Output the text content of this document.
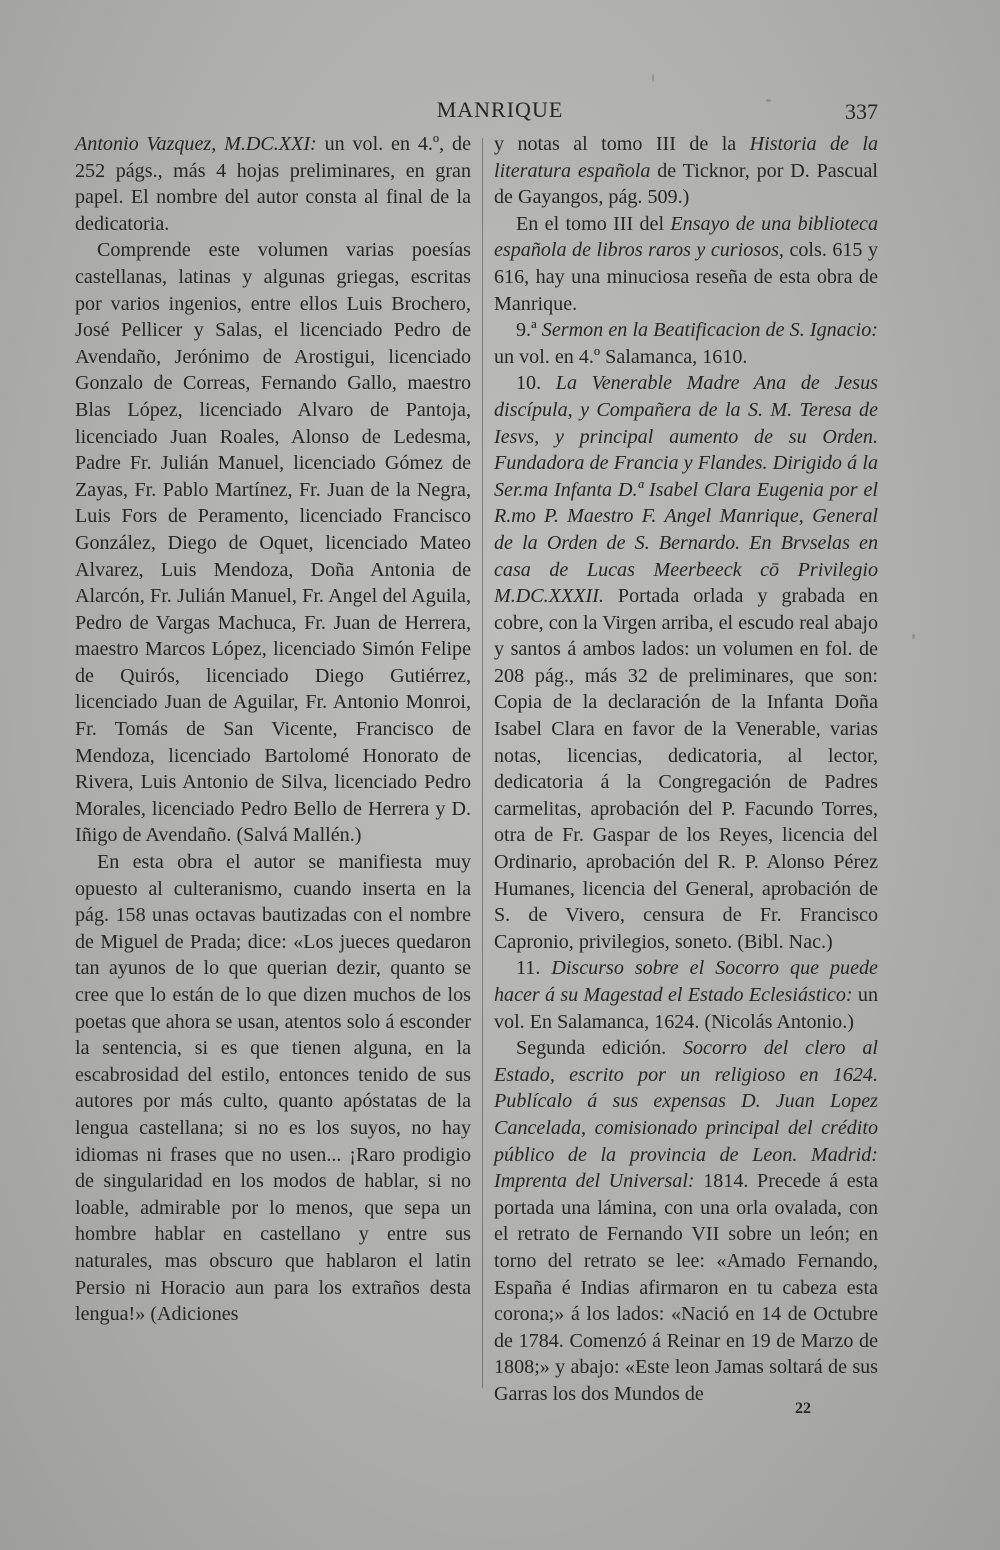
MANRIQUE	337

Antonio Vazquez, M.DC.XXI: un vol. en 4.º, de 252 págs., más 4 hojas preliminares, en gran papel. El nombre del autor consta al final de la dedicatoria.

Comprende este volumen varias poesías castellanas, latinas y algunas griegas, escritas por varios ingenios, entre ellos Luis Brochero, José Pellicer y Salas, el licenciado Pedro de Avendaño, Jerónimo de Arostigui, licenciado Gonzalo de Correas, Fernando Gallo, maestro Blas López, licenciado Alvaro de Pantoja, licenciado Juan Roales, Alonso de Ledesma, Padre Fr. Julián Manuel, licenciado Gómez de Zayas, Fr. Pablo Martínez, Fr. Juan de la Negra, Luis Fors de Peramento, licenciado Francisco González, Diego de Oquet, licenciado Mateo Alvarez, Luis Mendoza, Doña Antonia de Alarcón, Fr. Julián Manuel, Fr. Angel del Aguila, Pedro de Vargas Machuca, Fr. Juan de Herrera, maestro Marcos López, licenciado Simón Felipe de Quirós, licenciado Diego Gutiérrez, licenciado Juan de Aguilar, Fr. Antonio Monroi, Fr. Tomás de San Vicente, Francisco de Mendoza, licenciado Bartolomé Honorato de Rivera, Luis Antonio de Silva, licenciado Pedro Morales, licenciado Pedro Bello de Herrera y D. Iñigo de Avendaño. (Salvá Mallén.)

En esta obra el autor se manifiesta muy opuesto al culteranismo, cuando inserta en la pág. 158 unas octavas bautizadas con el nombre de Miguel de Prada; dice: «Los jueces quedaron tan ayunos de lo que querian dezir, quanto se cree que lo están de lo que dizen muchos de los poetas que ahora se usan, atentos solo á esconder la sentencia, si es que tienen alguna, en la escabrosidad del estilo, entonces tenido de sus autores por más culto, quanto apóstatas de la lengua castellana; si no es los suyos, no hay idiomas ni frases que no usen... ¡Raro prodigio de singularidad en los modos de hablar, si no loable, admirable por lo menos, que sepa un hombre hablar en castellano y entre sus naturales, mas obscuro que hablaron el latin Persio ni Horacio aun para los extraños desta lengua!» (Adiciones

y notas al tomo III de la Historia de la literatura española de Ticknor, por D. Pascual de Gayangos, pág. 509.)

En el tomo III del Ensayo de una biblioteca española de libros raros y curiosos, cols. 615 y 616, hay una minuciosa reseña de esta obra de Manrique.

9.ª Sermon en la Beatificacion de S. Ignacio: un vol. en 4.º Salamanca, 1610.

10. La Venerable Madre Ana de Jesus discípula, y Compañera de la S. M. Teresa de Iesvs, y principal aumento de su Orden. Fundadora de Francia y Flandes. Dirigido á la Ser.ma Infanta D.ª Isabel Clara Eugenia por el R.mo P. Maestro F. Angel Manrique, General de la Orden de S. Bernardo. En Brvselas en casa de Lucas Meerbeeck cō Privilegio M.DC.XXXII. Portada orlada y grabada en cobre, con la Virgen arriba, el escudo real abajo y santos á ambos lados: un volumen en fol. de 208 pág., más 32 de preliminares, que son: Copia de la declaración de la Infanta Doña Isabel Clara en favor de la Venerable, varias notas, licencias, dedicatoria, al lector, dedicatoria á la Congregación de Padres carmelitas, aprobación del P. Facundo Torres, otra de Fr. Gaspar de los Reyes, licencia del Ordinario, aprobación del R. P. Alonso Pérez Humanes, licencia del General, aprobación de S. de Vivero, censura de Fr. Francisco Capronio, privilegios, soneto. (Bibl. Nac.)

11. Discurso sobre el Socorro que puede hacer á su Magestad el Estado Eclesiástico: un vol. En Salamanca, 1624. (Nicolás Antonio.)

Segunda edición. Socorro del clero al Estado, escrito por un religioso en 1624. Publícalo á sus expensas D. Juan Lopez Cancelada, comisionado principal del crédito público de la provincia de Leon. Madrid: Imprenta del Universal: 1814. Precede á esta portada una lámina, con una orla ovalada, con el retrato de Fernando VII sobre un león; en torno del retrato se lee: «Amado Fernando, España é Indias afirmaron en tu cabeza esta corona;» á los lados: «Nació en 14 de Octubre de 1784. Comenzó á Reinar en 19 de Marzo de 1808;» y abajo: «Este leon Jamas soltará de sus Garras los dos Mundos de

22
